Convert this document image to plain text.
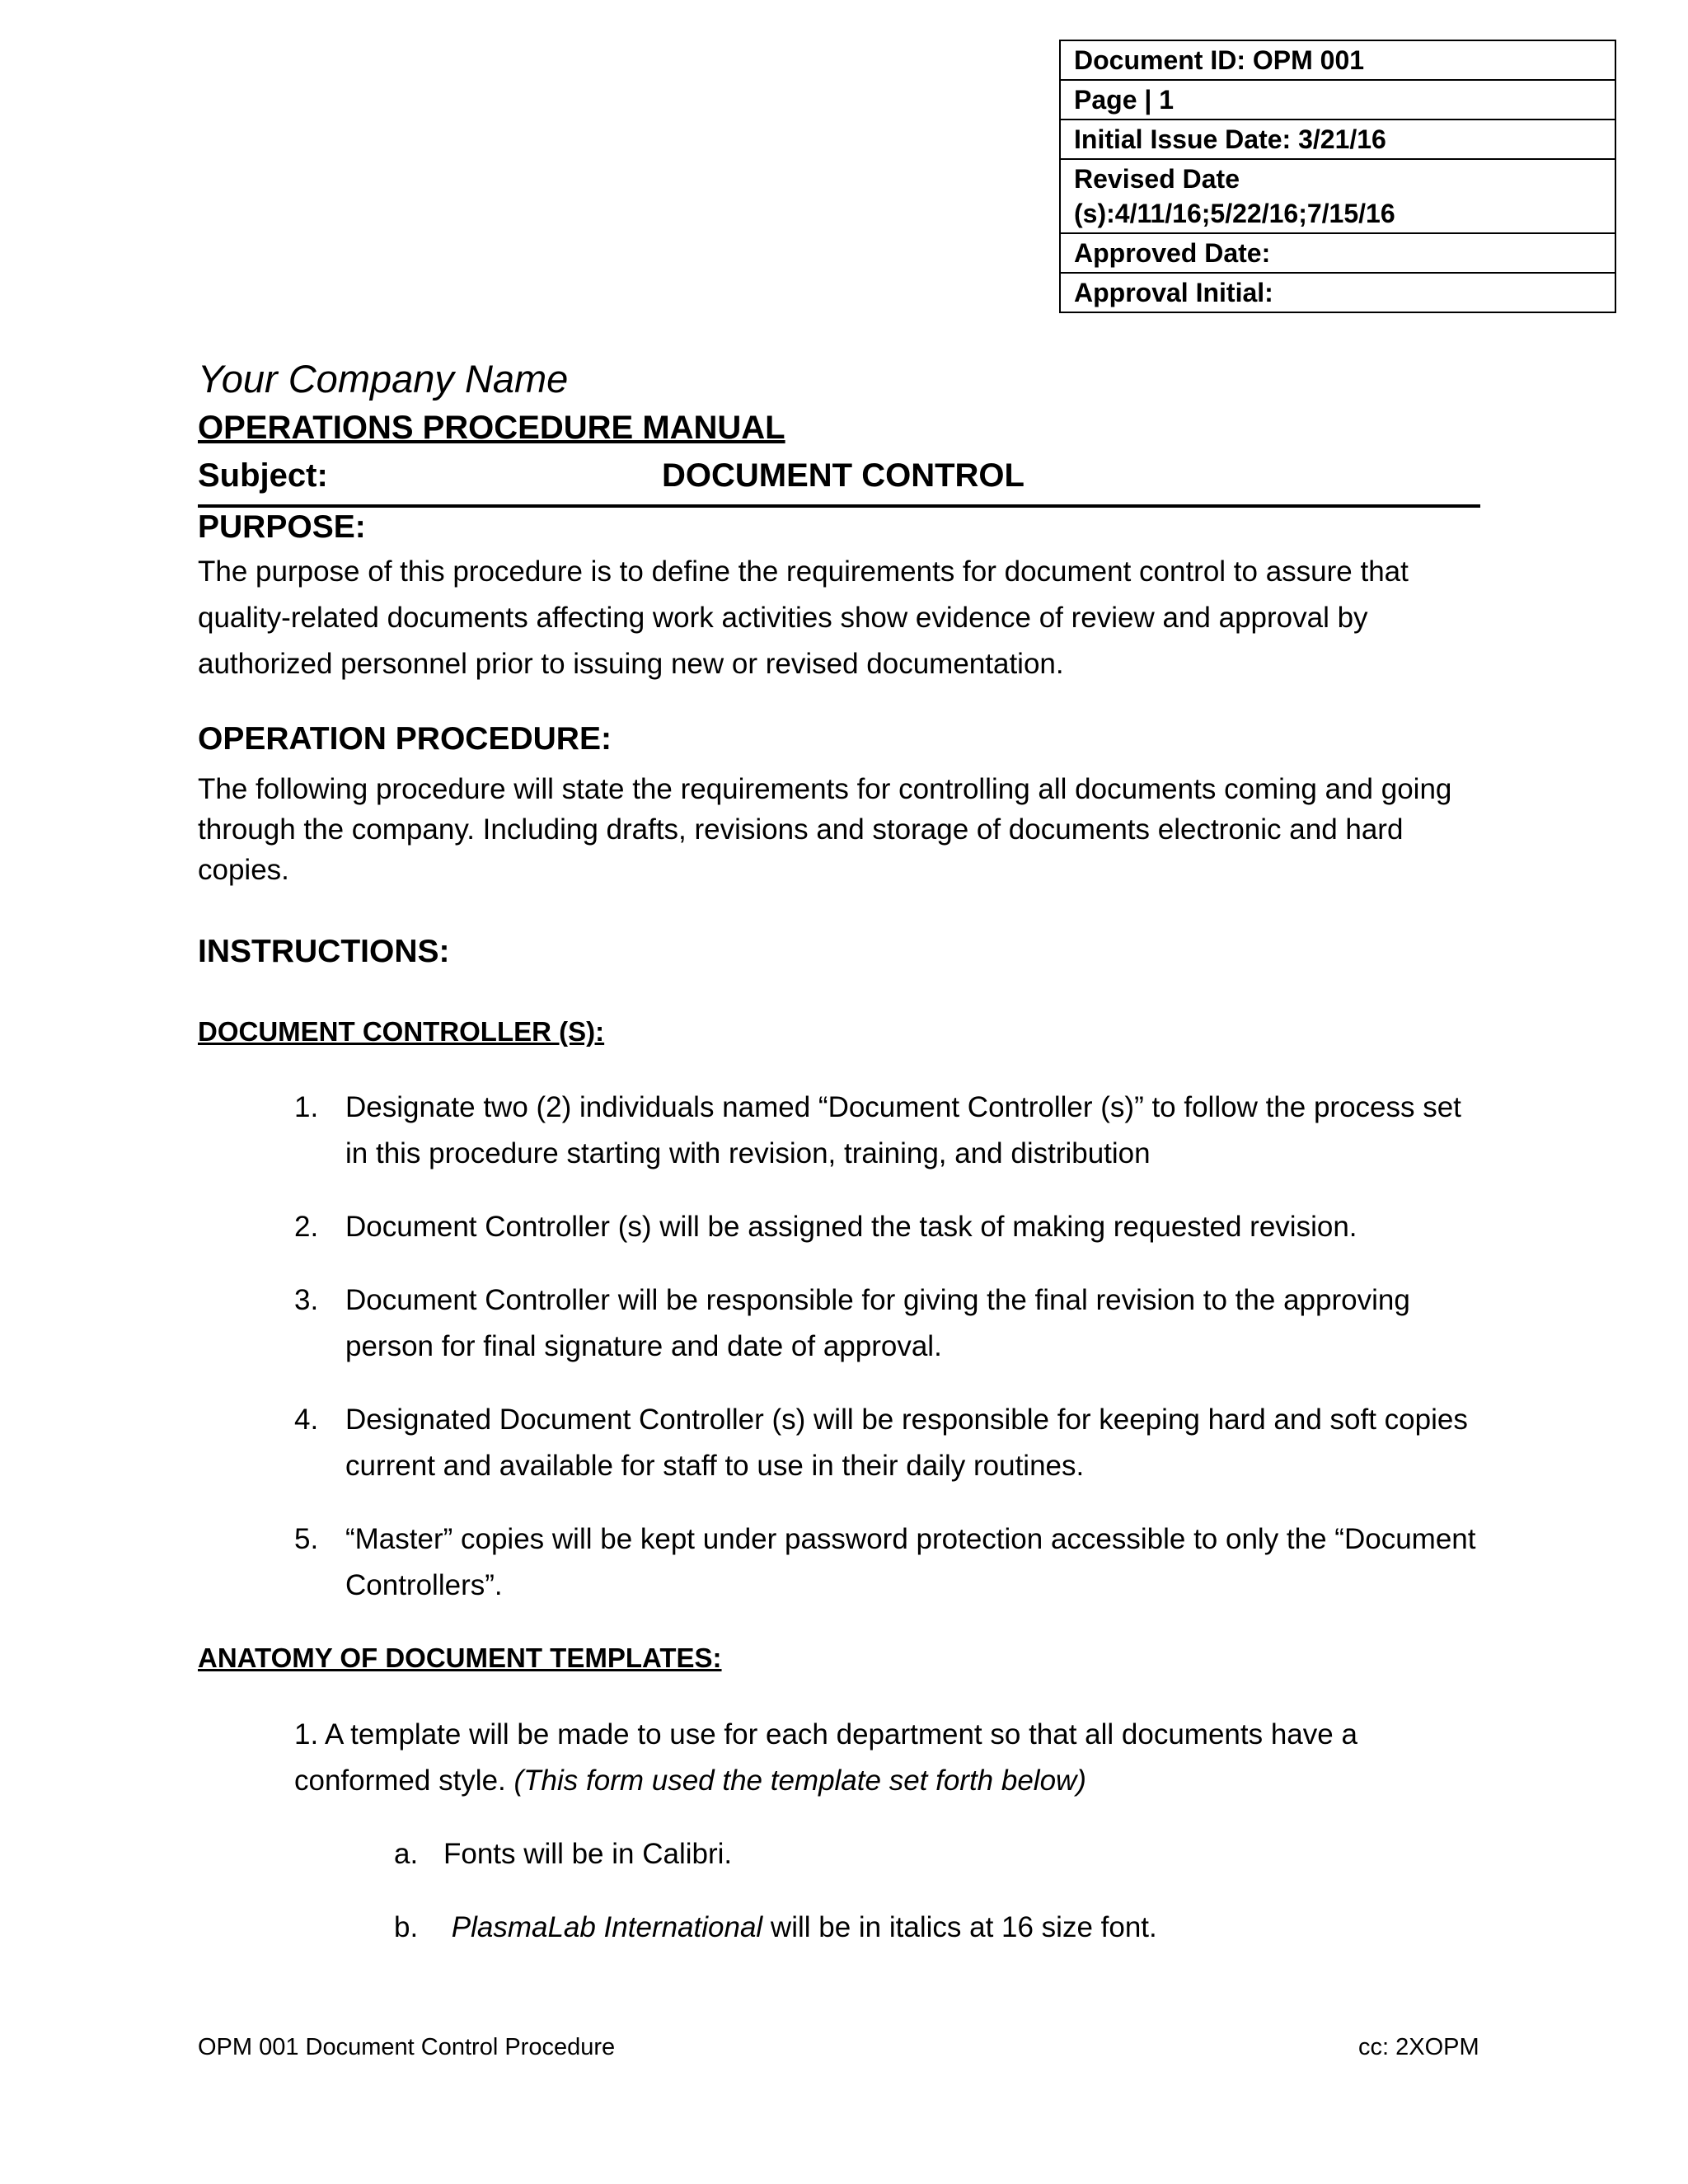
Document ID: OPM 001
Page | 1
Initial Issue Date: 3/21/16
Revised Date
(s):4/11/16;5/22/16;7/15/16
Approved Date:
Approval Initial:
Your Company Name
OPERATIONS PROCEDURE MANUAL
Subject:	DOCUMENT CONTROL
PURPOSE:
The purpose of this procedure is to define the requirements for document control to assure that quality-related documents affecting work activities show evidence of review and approval by authorized personnel prior to issuing new or revised documentation.
OPERATION PROCEDURE:
The following procedure will state the requirements for controlling all documents coming and going through the company. Including drafts, revisions and storage of documents electronic and hard copies.
INSTRUCTIONS:
DOCUMENT CONTROLLER (S):
1. Designate two (2) individuals named “Document Controller (s)” to follow the process set in this procedure starting with revision, training, and distribution
2. Document Controller (s) will be assigned the task of making requested revision.
3. Document Controller will be responsible for giving the final revision to the approving person for final signature and date of approval.
4. Designated Document Controller (s) will be responsible for keeping hard and soft copies current and available for staff to use in their daily routines.
5. “Master” copies will be kept under password protection accessible to only the “Document Controllers”.
ANATOMY OF DOCUMENT TEMPLATES:
1. A template will be made to use for each department so that all documents have a conformed style. (This form used the template set forth below)
a. Fonts will be in Calibri.
b. PlasmaLab International will be in italics at 16 size font.
OPM 001 Document Control Procedure	cc: 2XOPM
